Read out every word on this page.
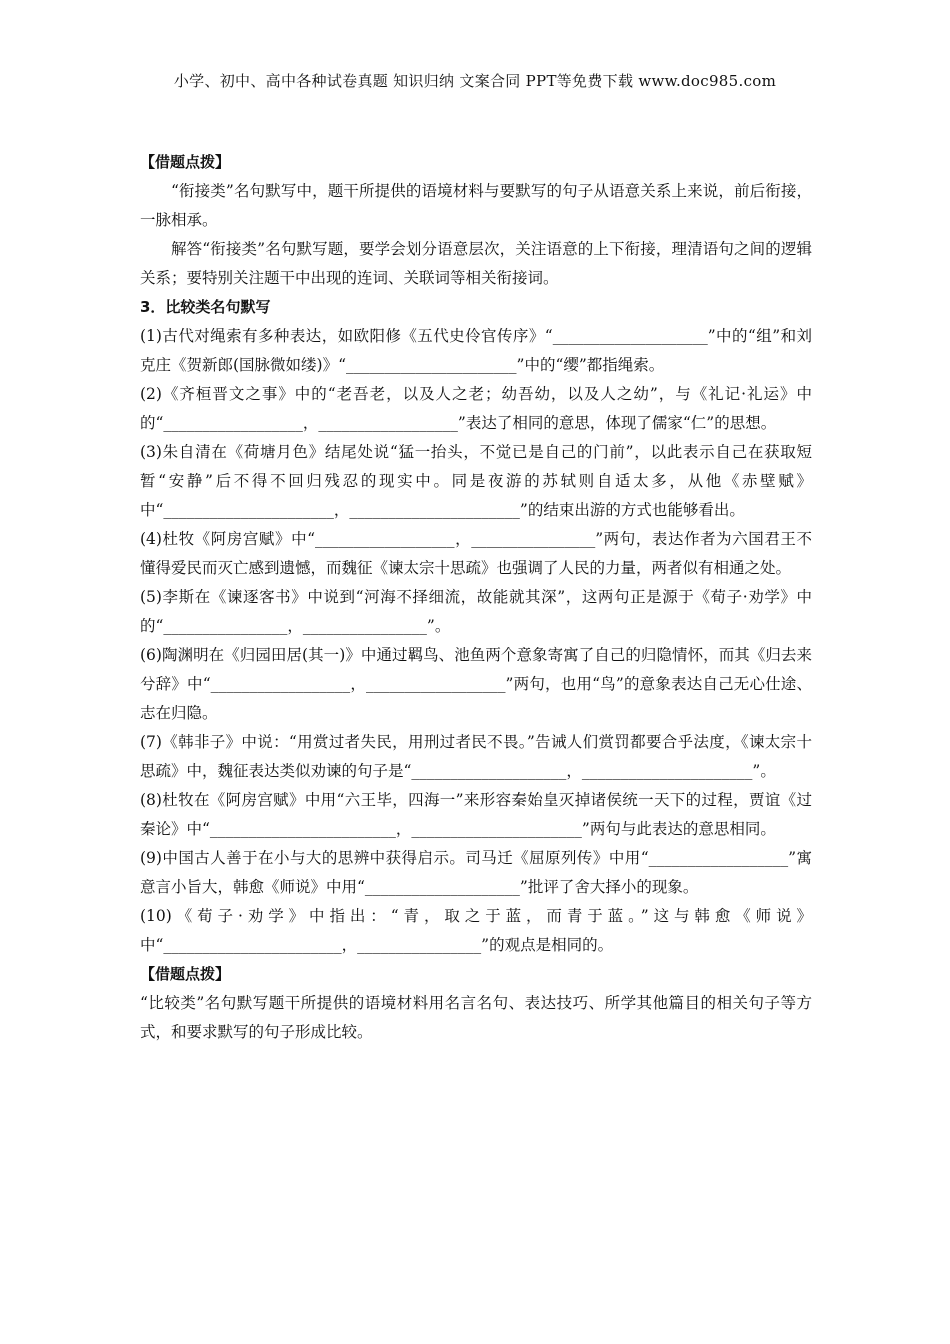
小学、初中、高中各种试卷真题 知识归纳 文案合同 PPT等免费下载 www.doc985.com

【借题点拨】

“衔接类”名句默写中，题干所提供的语境材料与要默写的句子从语意关系上来说，前后衔接，一脉相承。

解答“衔接类”名句默写题，要学会划分语意层次，关注语意的上下衔接，理清语句之间的逻辑关系；要特别关注题干中出现的连词、关联词等相关衔接词。

3．比较类名句默写

(1)古代对绳索有多种表达，如欧阳修《五代史伶官传序》“____________________”中的“组”和刘克庄《贺新郎(国脉微如缕)》“______________________”中的“缨”都指绳索。

(2)《齐桓晋文之事》中的“老吾老，以及人之老；幼吾幼，以及人之幼”，与《礼记·礼运》中的“__________________，__________________”表达了相同的意思，体现了儒家“仁”的思想。

(3)朱自清在《荷塘月色》结尾处说“猛一抬头，不觉已是自己的门前”，以此表示自己在获取短暂“安静”后不得不回归残忍的现实中。同是夜游的苏轼则自适太多，从他《赤壁赋》中“______________________，______________________”的结束出游的方式也能够看出。

(4)杜牧《阿房宫赋》中“__________________，________________”两句，表达作者为六国君王不懂得爱民而灭亡感到遗憾，而魏征《谏太宗十思疏》也强调了人民的力量，两者似有相通之处。

(5)李斯在《谏逐客书》中说到“河海不择细流，故能就其深”，这两句正是源于《荀子·劝学》中的“________________，________________”。

(6)陶渊明在《归园田居(其一)》中通过羁鸟、池鱼两个意象寄寓了自己的归隐情怀，而其《归去来兮辞》中“__________________，__________________”两句，也用“鸟”的意象表达自己无心仕途、志在归隐。

(7)《韩非子》中说：“用赏过者失民，用刑过者民不畏。”告诫人们赏罚都要合乎法度，《谏太宗十思疏》中，魏征表达类似劝谏的句子是“____________________，______________________”。

(8)杜牧在《阿房宫赋》中用“六王毕，四海一”来形容秦始皇灭掉诸侯统一天下的过程，贾谊《过秦论》中“________________________，______________________”两句与此表达的意思相同。

(9)中国古人善于在小与大的思辨中获得启示。司马迁《屈原列传》中用“__________________”寓意言小旨大，韩愈《师说》中用“____________________”批评了舍大择小的现象。

(10)《荀子·劝学》中指出：“青，取之于蓝，而青于蓝。”这与韩愈《师说》中“_______________________，________________”的观点是相同的。

【借题点拨】

“比较类”名句默写题干所提供的语境材料用名言名句、表达技巧、所学其他篇目的相关句子等方式，和要求默写的句子形成比较。
